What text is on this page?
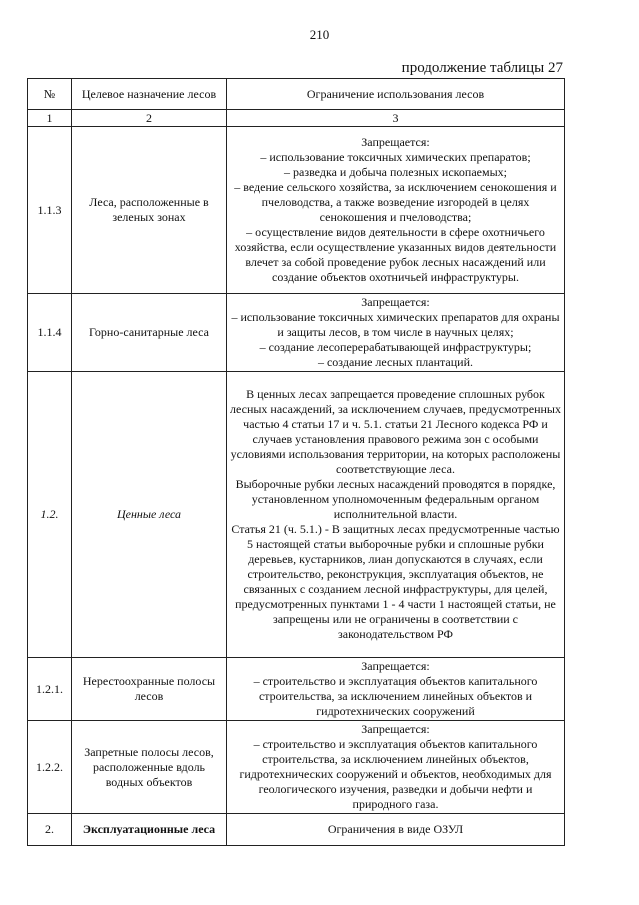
210
продолжение таблицы 27
№	Целевое назначение лесов	Ограничение использования лесов
1	2	3
1.1.3	Леса, расположенные в зеленых зонах	Запрещается:
– использование токсичных химических препаратов;
– разведка и добыча полезных ископаемых;
– ведение сельского хозяйства, за исключением сенокошения и пчеловодства, а также возведение изгородей в целях сенокошения и пчеловодства;
– осуществление видов деятельности в сфере охотничьего хозяйства, если осуществление указанных видов деятельности влечет за собой проведение рубок лесных насаждений или создание объектов охотничьей инфраструктуры.

1.1.4	Горно-санитарные леса	Запрещается:
– использование токсичных химических препаратов для охраны и защиты лесов, в том числе в научных целях;
– создание лесоперерабатывающей инфраструктуры;
– создание лесных плантаций.

1.2.	Ценные леса	В ценных лесах запрещается проведение сплошных рубок лесных насаждений, за исключением случаев, предусмотренных частью 4 статьи 17 и ч. 5.1. статьи 21 Лесного кодекса РФ и случаев установления правового режима зон с особыми условиями использования территории, на которых расположены соответствующие леса.
Выборочные рубки лесных насаждений проводятся в порядке, установленном уполномоченным федеральным органом исполнительной власти.
Статья 21 (ч. 5.1.) - В защитных лесах предусмотренные частью 5 настоящей статьи выборочные рубки и сплошные рубки деревьев, кустарников, лиан допускаются в случаях, если строительство, реконструкция, эксплуатация объектов, не связанных с созданием лесной инфраструктуры, для целей, предусмотренных пунктами 1 - 4 части 1 настоящей статьи, не запрещены или не ограничены в соответствии с законодательством РФ

1.2.1.	Нерестоохранные полосы лесов	Запрещается:
– строительство и эксплуатация объектов капитального строительства, за исключением линейных объектов и гидротехнических сооружений

1.2.2.	Запретные полосы лесов, расположенные вдоль водных объектов	Запрещается:
– строительство и эксплуатация объектов капитального строительства, за исключением линейных объектов, гидротехнических сооружений и объектов, необходимых для геологического изучения, разведки и добычи нефти и природного газа.

2.	Эксплуатационные леса	Ограничения в виде ОЗУЛ
